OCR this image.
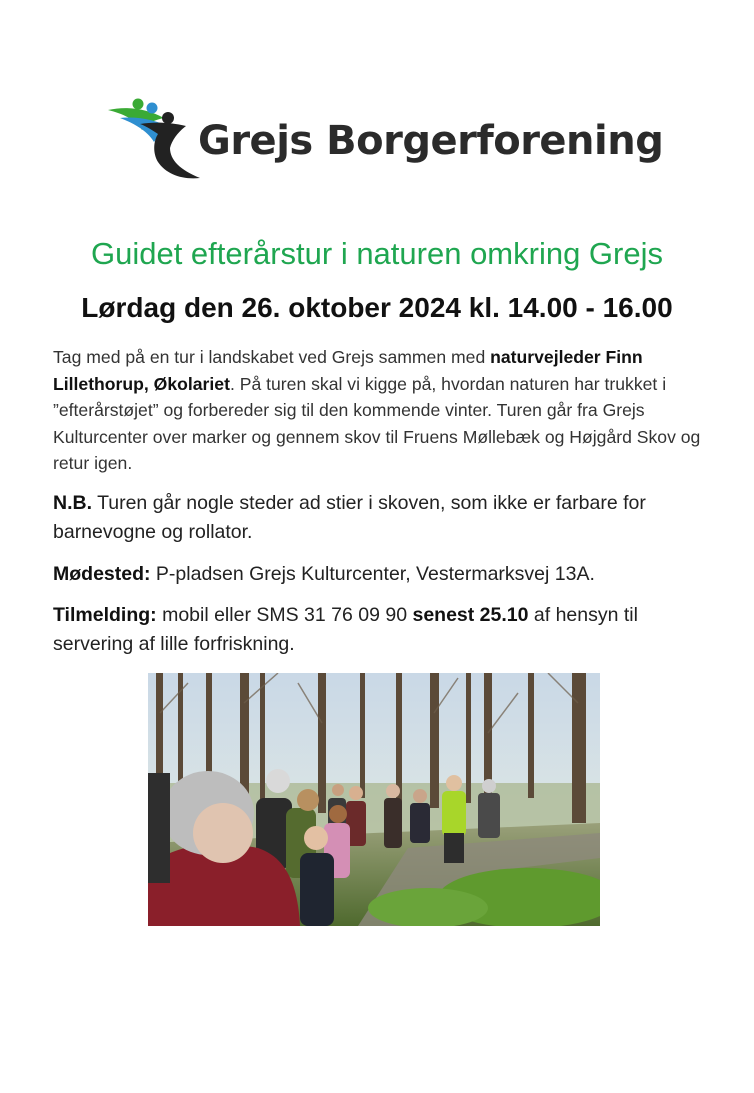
Grejs Borgerforening
Guidet efterårstur i naturen omkring Grejs
Lørdag den 26. oktober 2024 kl. 14.00 - 16.00
Tag med på en tur i landskabet ved Grejs sammen med naturvejleder Finn Lillethorup, Økolariet. På turen skal vi kigge på, hvordan naturen har trukket i ”efterårstøjet” og forbereder sig til den kommende vinter. Turen går fra Grejs Kulturcenter over marker og gennem skov til Fruens Møllebæk og Højgård Skov og retur igen.
N.B. Turen går nogle steder ad stier i skoven, som ikke er farbare for barnevogne og rollator.
Mødested: P-pladsen Grejs Kulturcenter, Vestermarksvej 13A.
Tilmelding: mobil eller SMS 31 76 09 90 senest 25.10 af hensyn til servering af lille forfriskning.
